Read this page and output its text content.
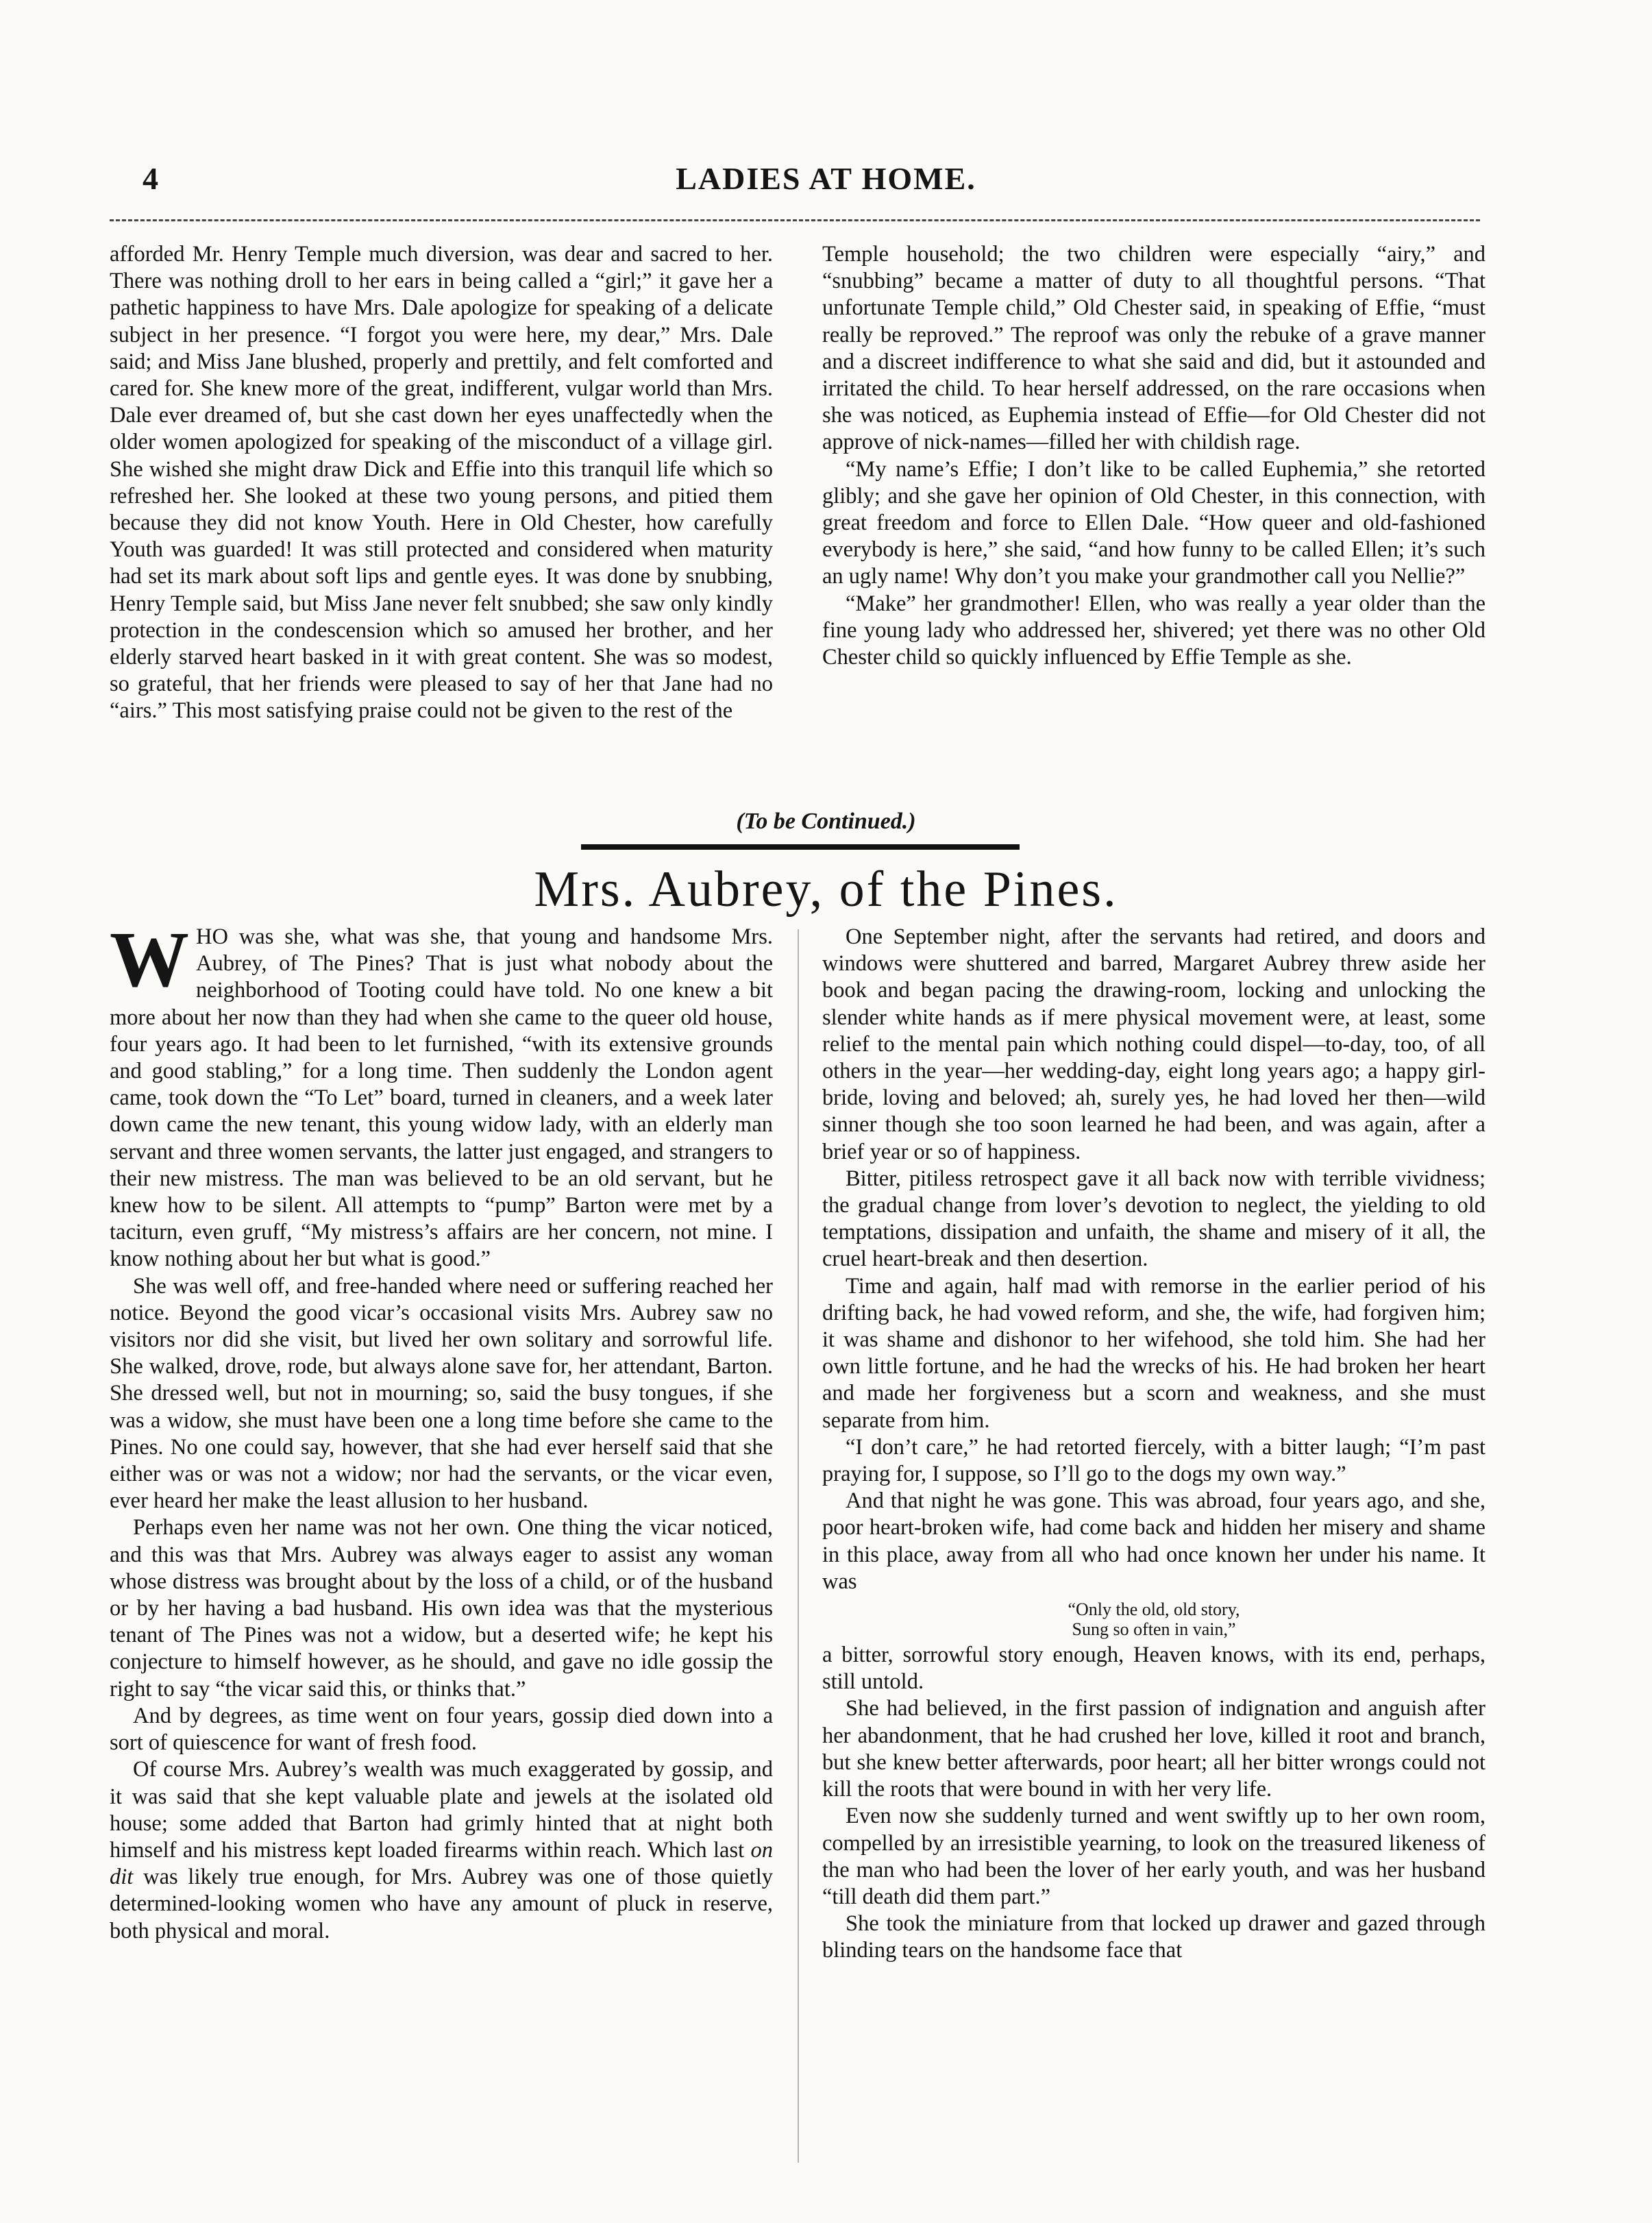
4	LADIES AT HOME.

afforded Mr. Henry Temple much diversion, was dear and sacred to her. There was nothing droll to her ears in being called a “girl;” it gave her a pathetic happiness to have Mrs. Dale apologize for speaking of a delicate subject in her presence. “I forgot you were here, my dear,” Mrs. Dale said; and Miss Jane blushed, properly and prettily, and felt comforted and cared for. She knew more of the great, indifferent, vulgar world than Mrs. Dale ever dreamed of, but she cast down her eyes unaffectedly when the older women apologized for speaking of the misconduct of a village girl. She wished she might draw Dick and Effie into this tranquil life which so refreshed her. She looked at these two young persons, and pitied them because they did not know Youth. Here in Old Chester, how carefully Youth was guarded! It was still protected and considered when maturity had set its mark about soft lips and gentle eyes. It was done by snubbing, Henry Temple said, but Miss Jane never felt snubbed; she saw only kindly protection in the condescension which so amused her brother, and her elderly starved heart basked in it with great content. She was so modest, so grateful, that her friends were pleased to say of her that Jane had no “airs.” This most satisfying praise could not be given to the rest of the

Temple household; the two children were especially “airy,” and “snubbing” became a matter of duty to all thoughtful persons. “That unfortunate Temple child,” Old Chester said, in speaking of Effie, “must really be reproved.” The reproof was only the rebuke of a grave manner and a discreet indifference to what she said and did, but it astounded and irritated the child. To hear herself addressed, on the rare occasions when she was noticed, as Euphemia instead of Effie—for Old Chester did not approve of nick-names—filled her with childish rage.

“My name’s Effie; I don’t like to be called Euphemia,” she retorted glibly; and she gave her opinion of Old Chester, in this connection, with great freedom and force to Ellen Dale. “How queer and old-fashioned everybody is here,” she said, “and how funny to be called Ellen; it’s such an ugly name! Why don’t you make your grandmother call you Nellie?”

“Make” her grandmother! Ellen, who was really a year older than the fine young lady who addressed her, shivered; yet there was no other Old Chester child so quickly influenced by Effie Temple as she.

(To be Continued.)
Mrs. Aubrey, of the Pines.

WHO was she, what was she, that young and handsome Mrs. Aubrey, of The Pines? That is just what nobody about the neighborhood of Tooting could have told. No one knew a bit more about her now than they had when she came to the queer old house, four years ago. It had been to let furnished, “with its extensive grounds and good stabling,” for a long time. Then suddenly the London agent came, took down the “To Let” board, turned in cleaners, and a week later down came the new tenant, this young widow lady, with an elderly man servant and three women servants, the latter just engaged, and strangers to their new mistress. The man was believed to be an old servant, but he knew how to be silent. All attempts to “pump” Barton were met by a taciturn, even gruff, “My mistress’s affairs are her concern, not mine. I know nothing about her but what is good.”

She was well off, and free-handed where need or suffering reached her notice. Beyond the good vicar’s occasional visits Mrs. Aubrey saw no visitors nor did she visit, but lived her own solitary and sorrowful life. She walked, drove, rode, but always alone save for, her attendant, Barton. She dressed well, but not in mourning; so, said the busy tongues, if she was a widow, she must have been one a long time before she came to the Pines. No one could say, however, that she had ever herself said that she either was or was not a widow; nor had the servants, or the vicar even, ever heard her make the least allusion to her husband.

Perhaps even her name was not her own. One thing the vicar noticed, and this was that Mrs. Aubrey was always eager to assist any woman whose distress was brought about by the loss of a child, or of the husband or by her having a bad husband. His own idea was that the mysterious tenant of The Pines was not a widow, but a deserted wife; he kept his conjecture to himself however, as he should, and gave no idle gossip the right to say “the vicar said this, or thinks that.”

And by degrees, as time went on four years, gossip died down into a sort of quiescence for want of fresh food.

Of course Mrs. Aubrey’s wealth was much exaggerated by gossip, and it was said that she kept valuable plate and jewels at the isolated old house; some added that Barton had grimly hinted that at night both himself and his mistress kept loaded firearms within reach. Which last on dit was likely true enough, for Mrs. Aubrey was one of those quietly determined-looking women who have any amount of pluck in reserve, both physical and moral.

One September night, after the servants had retired, and doors and windows were shuttered and barred, Margaret Aubrey threw aside her book and began pacing the drawing-room, locking and unlocking the slender white hands as if mere physical movement were, at least, some relief to the mental pain which nothing could dispel—to-day, too, of all others in the year—her wedding-day, eight long years ago; a happy girl-bride, loving and beloved; ah, surely yes, he had loved her then—wild sinner though she too soon learned he had been, and was again, after a brief year or so of happiness.

Bitter, pitiless retrospect gave it all back now with terrible vividness; the gradual change from lover’s devotion to neglect, the yielding to old temptations, dissipation and unfaith, the shame and misery of it all, the cruel heart-break and then desertion.

Time and again, half mad with remorse in the earlier period of his drifting back, he had vowed reform, and she, the wife, had forgiven him; it was shame and dishonor to her wifehood, she told him. She had her own little fortune, and he had the wrecks of his. He had broken her heart and made her forgiveness but a scorn and weakness, and she must separate from him.

“I don’t care,” he had retorted fiercely, with a bitter laugh; “I’m past praying for, I suppose, so I’ll go to the dogs my own way.”

And that night he was gone. This was abroad, four years ago, and she, poor heart-broken wife, had come back and hidden her misery and shame in this place, away from all who had once known her under his name. It was

“Only the old, old story,
Sung so often in vain,”

a bitter, sorrowful story enough, Heaven knows, with its end, perhaps, still untold.

She had believed, in the first passion of indignation and anguish after her abandonment, that he had crushed her love, killed it root and branch, but she knew better afterwards, poor heart; all her bitter wrongs could not kill the roots that were bound in with her very life.

Even now she suddenly turned and went swiftly up to her own room, compelled by an irresistible yearning, to look on the treasured likeness of the man who had been the lover of her early youth, and was her husband “till death did them part.”

She took the miniature from that locked up drawer and gazed through blinding tears on the handsome face that
